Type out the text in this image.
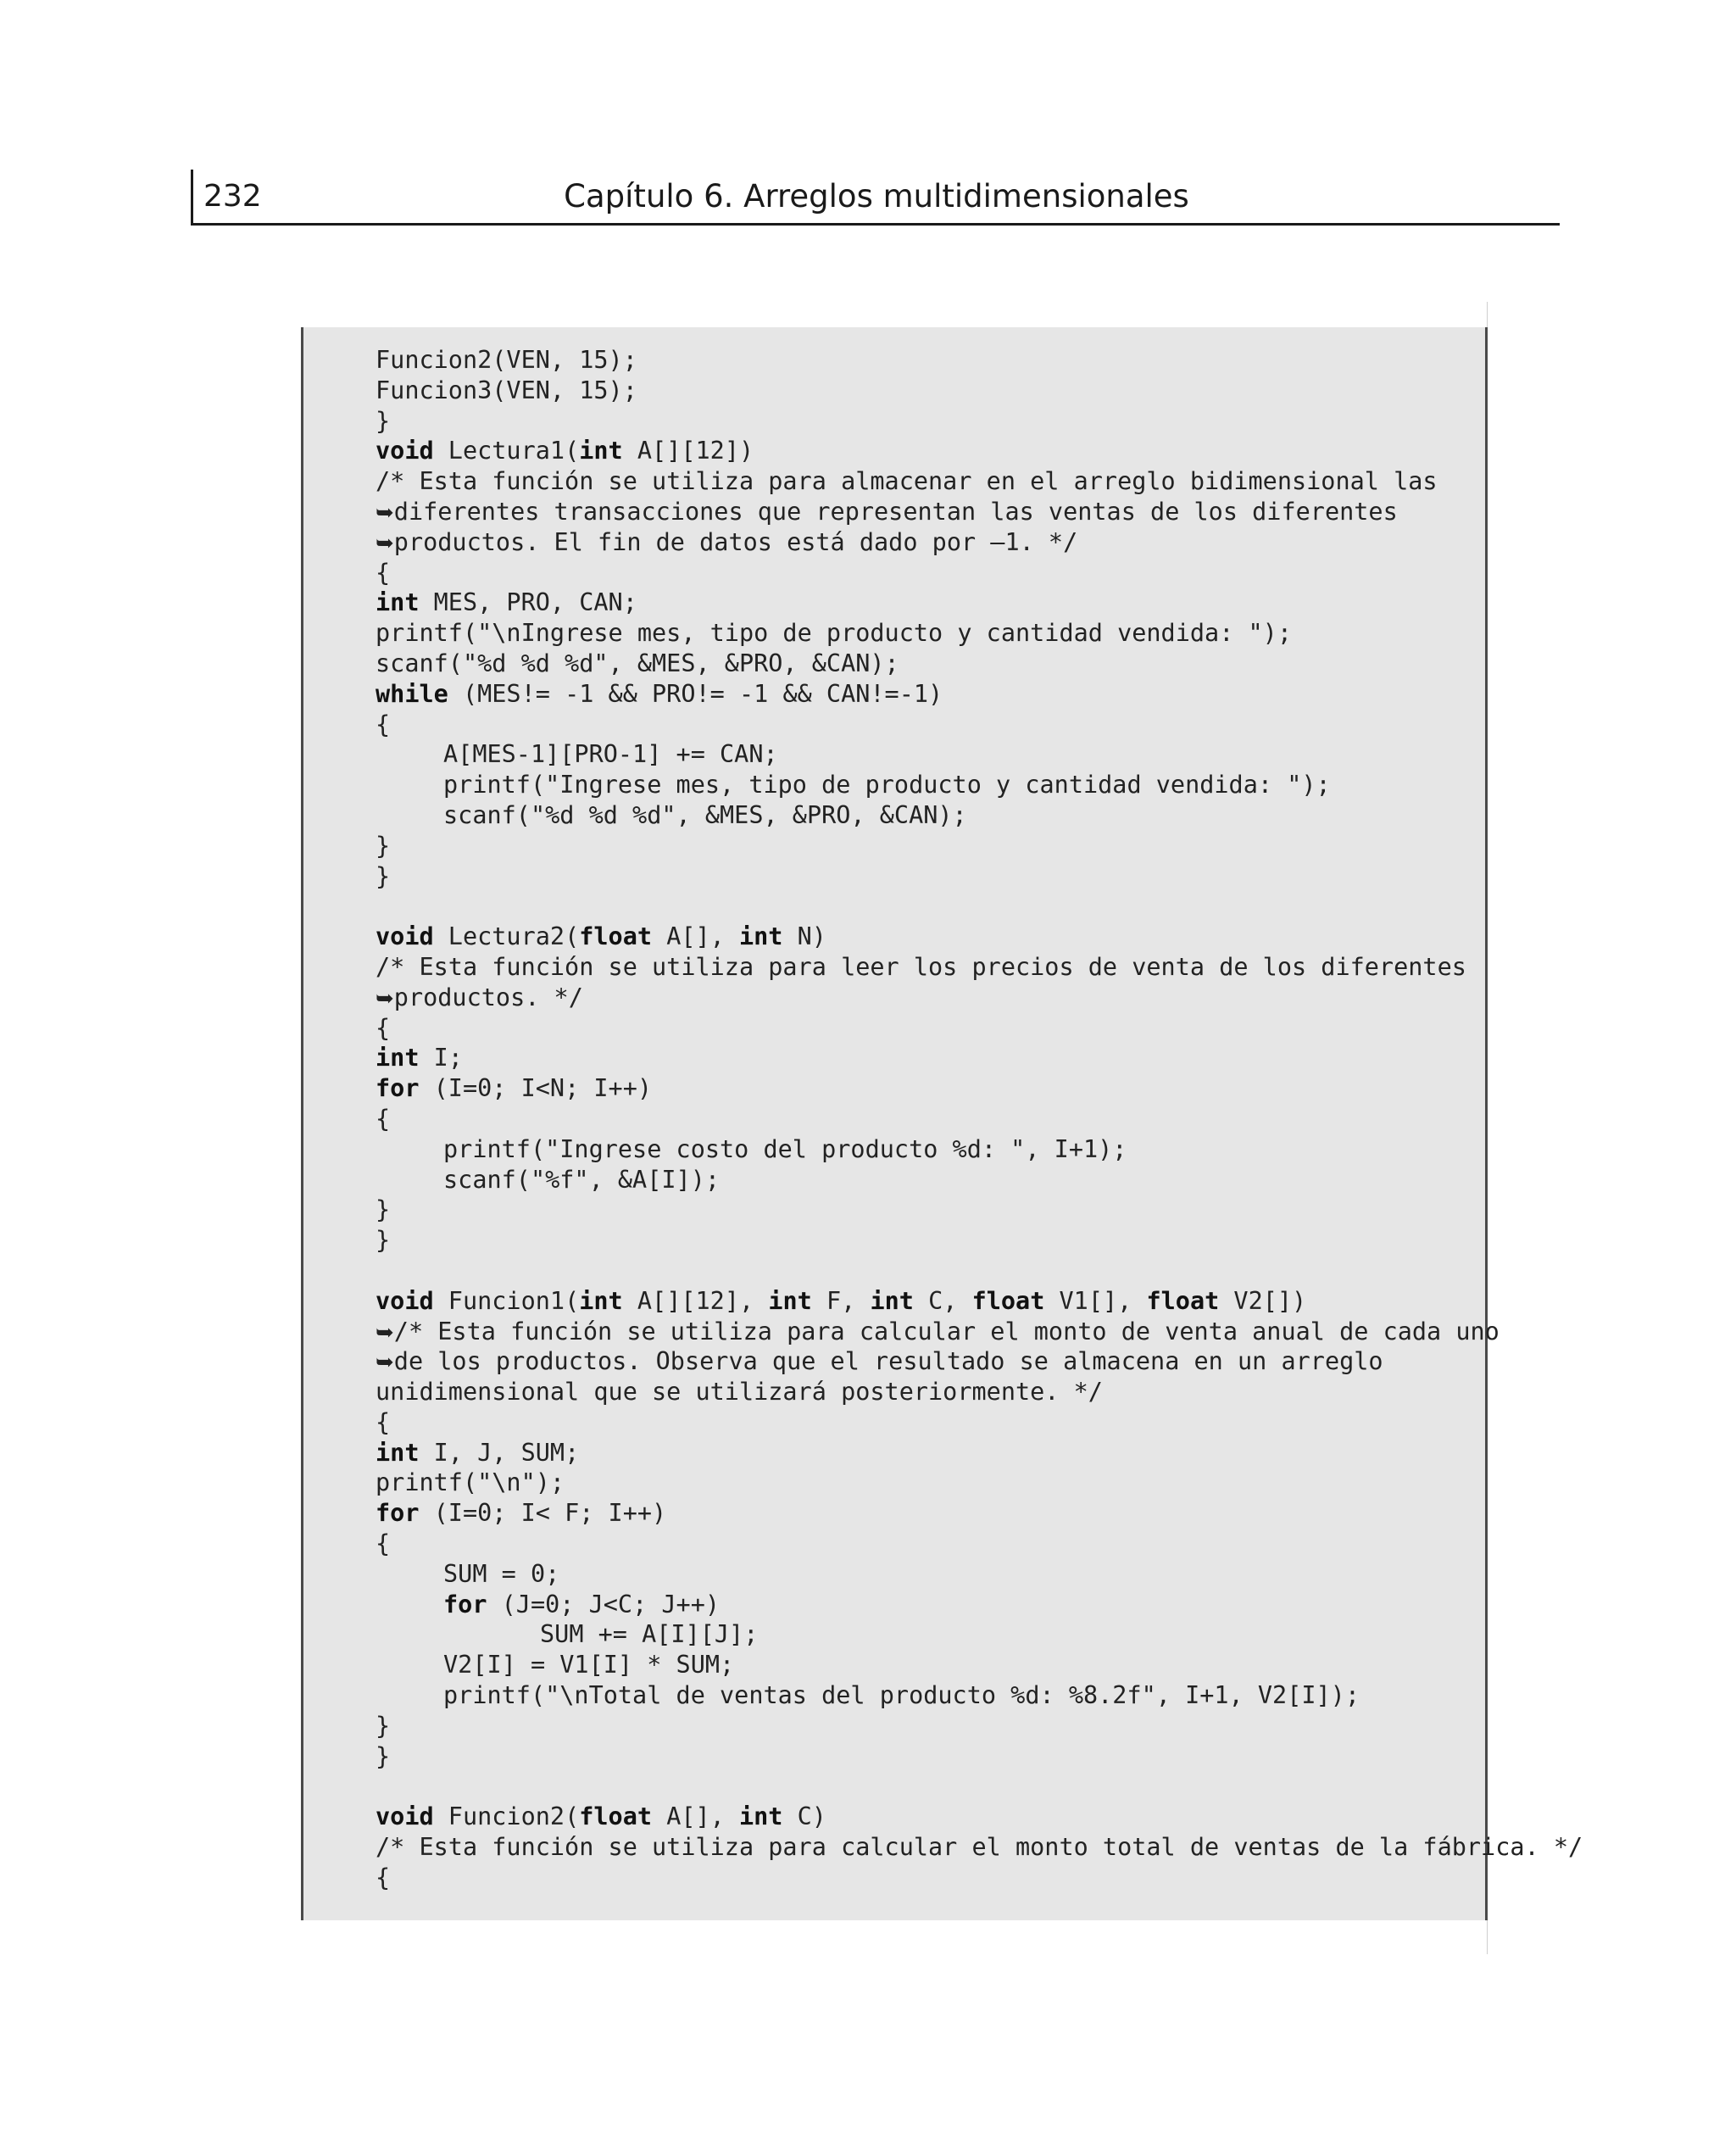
232	Capítulo 6. Arreglos multidimensionales
Funcion2(VEN, 15);
Funcion3(VEN, 15);
}
void Lectura1(int A[][12])
/* Esta función se utiliza para almacenar en el arreglo bidimensional las
➥diferentes transacciones que representan las ventas de los diferentes
➥productos. El fin de datos está dado por –1. */
{
int MES, PRO, CAN;
printf("\nIngrese mes, tipo de producto y cantidad vendida: ");
scanf("%d %d %d", &MES, &PRO, &CAN);
while (MES!= -1 && PRO!= -1 && CAN!=-1)
{
A[MES-1][PRO-1] += CAN;
printf("Ingrese mes, tipo de producto y cantidad vendida: ");
scanf("%d %d %d", &MES, &PRO, &CAN);
}
}
void Lectura2(float A[], int N)
/* Esta función se utiliza para leer los precios de venta de los diferentes
➥productos. */
{
int I;
for (I=0; I<N; I++)
{
printf("Ingrese costo del producto %d: ", I+1);
scanf("%f", &A[I]);
}
}
void Funcion1(int A[][12], int F, int C, float V1[], float V2[])
➥/* Esta función se utiliza para calcular el monto de venta anual de cada uno
➥de los productos. Observa que el resultado se almacena en un arreglo
unidimensional que se utilizará posteriormente. */
{
int I, J, SUM;
printf("\n");
for (I=0; I< F; I++)
{
SUM = 0;
for (J=0; J<C; J++)
SUM += A[I][J];
V2[I] = V1[I] * SUM;
printf("\nTotal de ventas del producto %d: %8.2f", I+1, V2[I]);
}
}
void Funcion2(float A[], int C)
/* Esta función se utiliza para calcular el monto total de ventas de la fábrica. */
{
